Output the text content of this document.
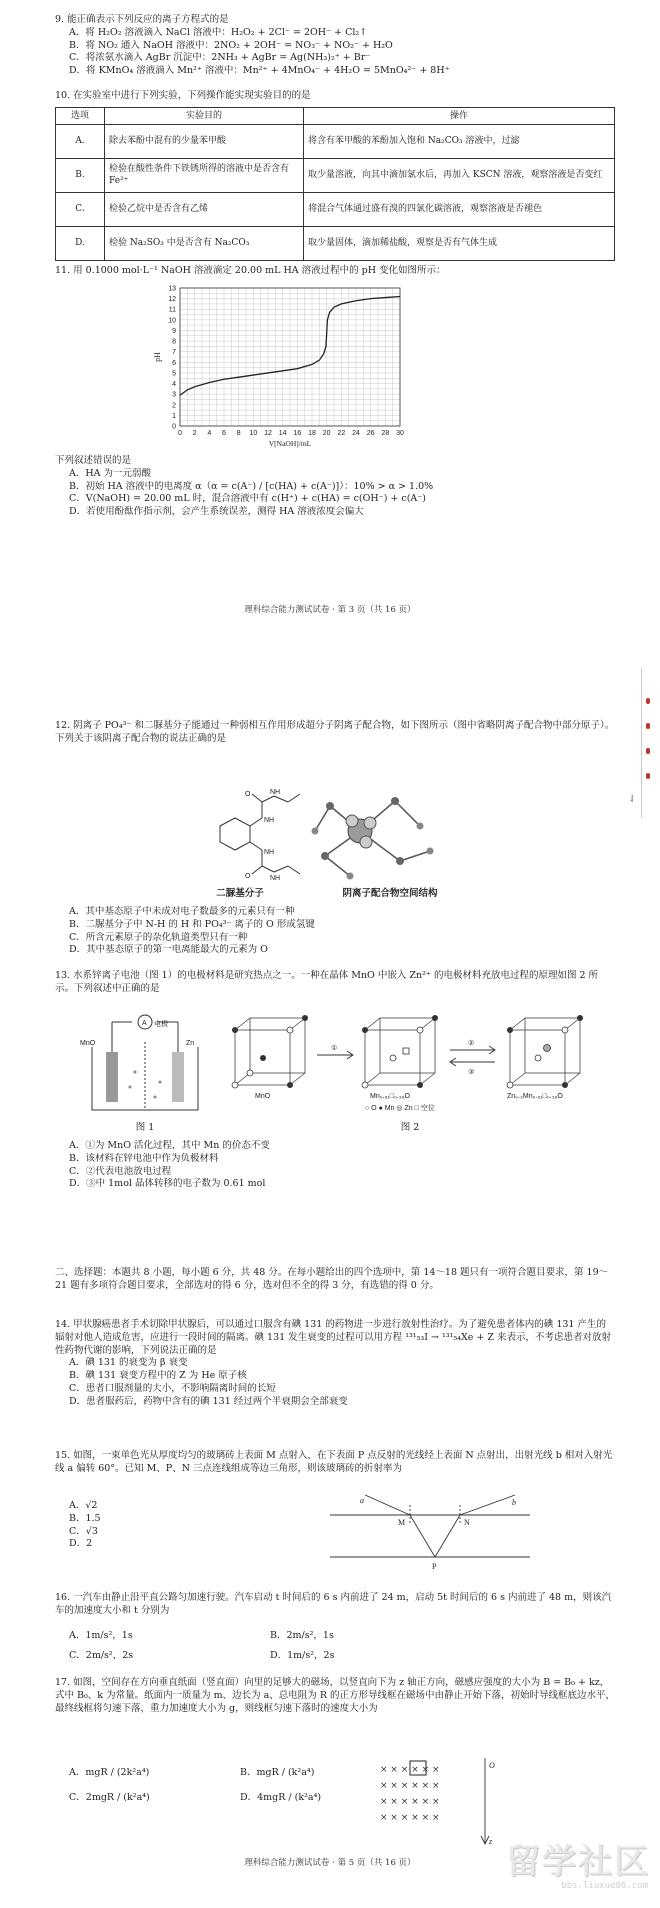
9. 能正确表示下列反应的离子方程式的是
A．将 H₂O₂ 溶液滴入 NaCl 溶液中：H₂O₂ + 2Cl⁻ = 2OH⁻ + Cl₂↑
B．将 NO₂ 通入 NaOH 溶液中：2NO₂ + 2OH⁻ = NO₃⁻ + NO₂⁻ + H₂O
C．将浓氨水滴入 AgBr 沉淀中：2NH₃ + AgBr = Ag(NH₃)₂⁺ + Br⁻
D．将 KMnO₄ 溶液滴入 Mn²⁺ 溶液中：Mn²⁺ + 4MnO₄⁻ + 4H₂O = 5MnO₄²⁻ + 8H⁺
10. 在实验室中进行下列实验，下列操作能实现实验目的的是
选项	实验目的	操作
A.	除去苯酚中混有的少量苯甲酸	将含有苯甲酸的苯酚加入饱和 Na₂CO₃ 溶液中，过滤
B.	检验在酸性条件下铁锈所得的溶液中是否含有 Fe²⁺	取少量溶液，向其中滴加氯水后，再加入 KSCN 溶液，观察溶液是否变红
C.	检验乙烷中是否含有乙烯	将混合气体通过盛有溴的四氯化碳溶液，观察溶液是否褪色
D.	检验 Na₂SO₃ 中是否含有 Na₂CO₃	取少量固体，滴加稀盐酸，观察是否有气体生成
11. 用 0.1000 mol·L⁻¹ NaOH 溶液滴定 20.00 mL HA 溶液过程中的 pH 变化如图所示：
0 2 4 6 8 10 12 14 16 18 20 22 24 26 28 30
0
1
2
3
4
5
6
7
8
9
10
11
12
13
V[NaOH]/mL
pH
下列叙述错误的是
A．HA 为一元弱酸
B．初始 HA 溶液中的电离度 α（α = c(A⁻) / [c(HA) + c(A⁻)]）：10% > α > 1.0%
C．V(NaOH) = 20.00 mL 时，混合溶液中有 c(H⁺) + c(HA) = c(OH⁻) + c(A⁻)
D．若使用酚酞作指示剂，会产生系统误差，测得 HA 溶液浓度会偏大
理科综合能力测试试卷 · 第 3 页（共 16 页）
⇃
12. 阴离子 PO₄³⁻ 和二脲基分子能通过一种弱相互作用形成超分子阴离子配合物，如下图所示（图中省略阴离子配合物中部分原子）。下列关于该阴离子配合物的说法正确的是
O
NH
NH
O
NH
NH
二脲基分子	阴离子配合物空间结构
A．其中基态原子中未成对电子数最多的元素只有一种
B．二脲基分子中 N-H 的 H 和 PO₄³⁻ 离子的 O 形成氢键
C．所含元素原子的杂化轨道类型只有一种
D．其中基态原子的第一电离能最大的元素为 O
13. 水系锌离子电池（图 1）的电极材料是研究热点之一。一种在晶体 MnO 中嵌入 Zn²⁺ 的电极材料充放电过程的原理如图 2 所示。下列叙述中正确的是
MnO
A 电极
Zn
图 1
①
②
③
MnO	Mn₀.₆₁□₀.₃₉O	Zn₀.₃Mn₀.₆₁□₀.₃₉O
○ O ● Mn ◎ Zn □ 空位
图 2
A．①为 MnO 活化过程，其中 Mn 的价态不变
B．该材料在锌电池中作为负极材料
C．②代表电池放电过程
D．③中 1mol 晶体转移的电子数为 0.61 mol
二、选择题：本题共 8 小题，每小题 6 分，共 48 分。在每小题给出的四个选项中，第 14～18 题只有一项符合题目要求，第 19～21 题有多项符合题目要求，全部选对的得 6 分，选对但不全的得 3 分，有选错的得 0 分。
14. 甲状腺癌患者手术切除甲状腺后，可以通过口服含有碘 131 的药物进一步进行放射性治疗。为了避免患者体内的碘 131 产生的辐射对他人造成危害，应进行一段时间的隔离。碘 131 发生衰变的过程可以用方程 ¹³¹₅₃I → ¹³¹₅₄Xe + Z 来表示，不考虑患者对放射性药物代谢的影响，下列说法正确的是
A．碘 131 的衰变为 β 衰变
B．碘 131 衰变方程中的 Z 为 He 原子核
C．患者口服剂量的大小，不影响隔离时间的长短
D．患者服药后，药物中含有的碘 131 经过两个半衰期会全部衰变
15. 如图，一束单色光从厚度均匀的玻璃砖上表面 M 点射入，在下表面 P 点反射的光线经上表面 N 点射出，出射光线 b 相对入射光线 a 偏转 60°。已知 M、P、N 三点连线组成等边三角形，则该玻璃砖的折射率为
A．√2
B．1.5
C．√3
D．2
a	b
M	N
P
16. 一汽车由静止沿平直公路匀加速行驶。汽车启动 t 时间后的 6 s 内前进了 24 m，启动 5t 时间后的 6 s 内前进了 48 m，则该汽车的加速度大小和 t 分别为
A．1m/s²，1s	B．2m/s²，1s
C．2m/s²，2s	D．1m/s²，2s
17. 如图，空间存在方向垂直纸面（竖直面）向里的足够大的磁场，以竖直向下为 z 轴正方向，磁感应强度的大小为 B = B₀ + kz，式中 B₀、k 为常量。纸面内一质量为 m、边长为 a、总电阻为 R 的正方形导线框在磁场中由静止开始下落，初始时导线框底边水平，最终线框将匀速下落，重力加速度大小为 g，则线框匀速下落时的速度大小为
A．mgR / (2k²a⁴)	B．mgR / (k²a⁴)
C．2mgR / (k²a⁴)	D．4mgR / (k²a⁴)
× × × × × ×
× × × × × ×
× × × × × ×
× × × × × ×
O
z
理科综合能力测试试卷 · 第 5 页（共 16 页）	留学社区
bbs.liuxue86.com
